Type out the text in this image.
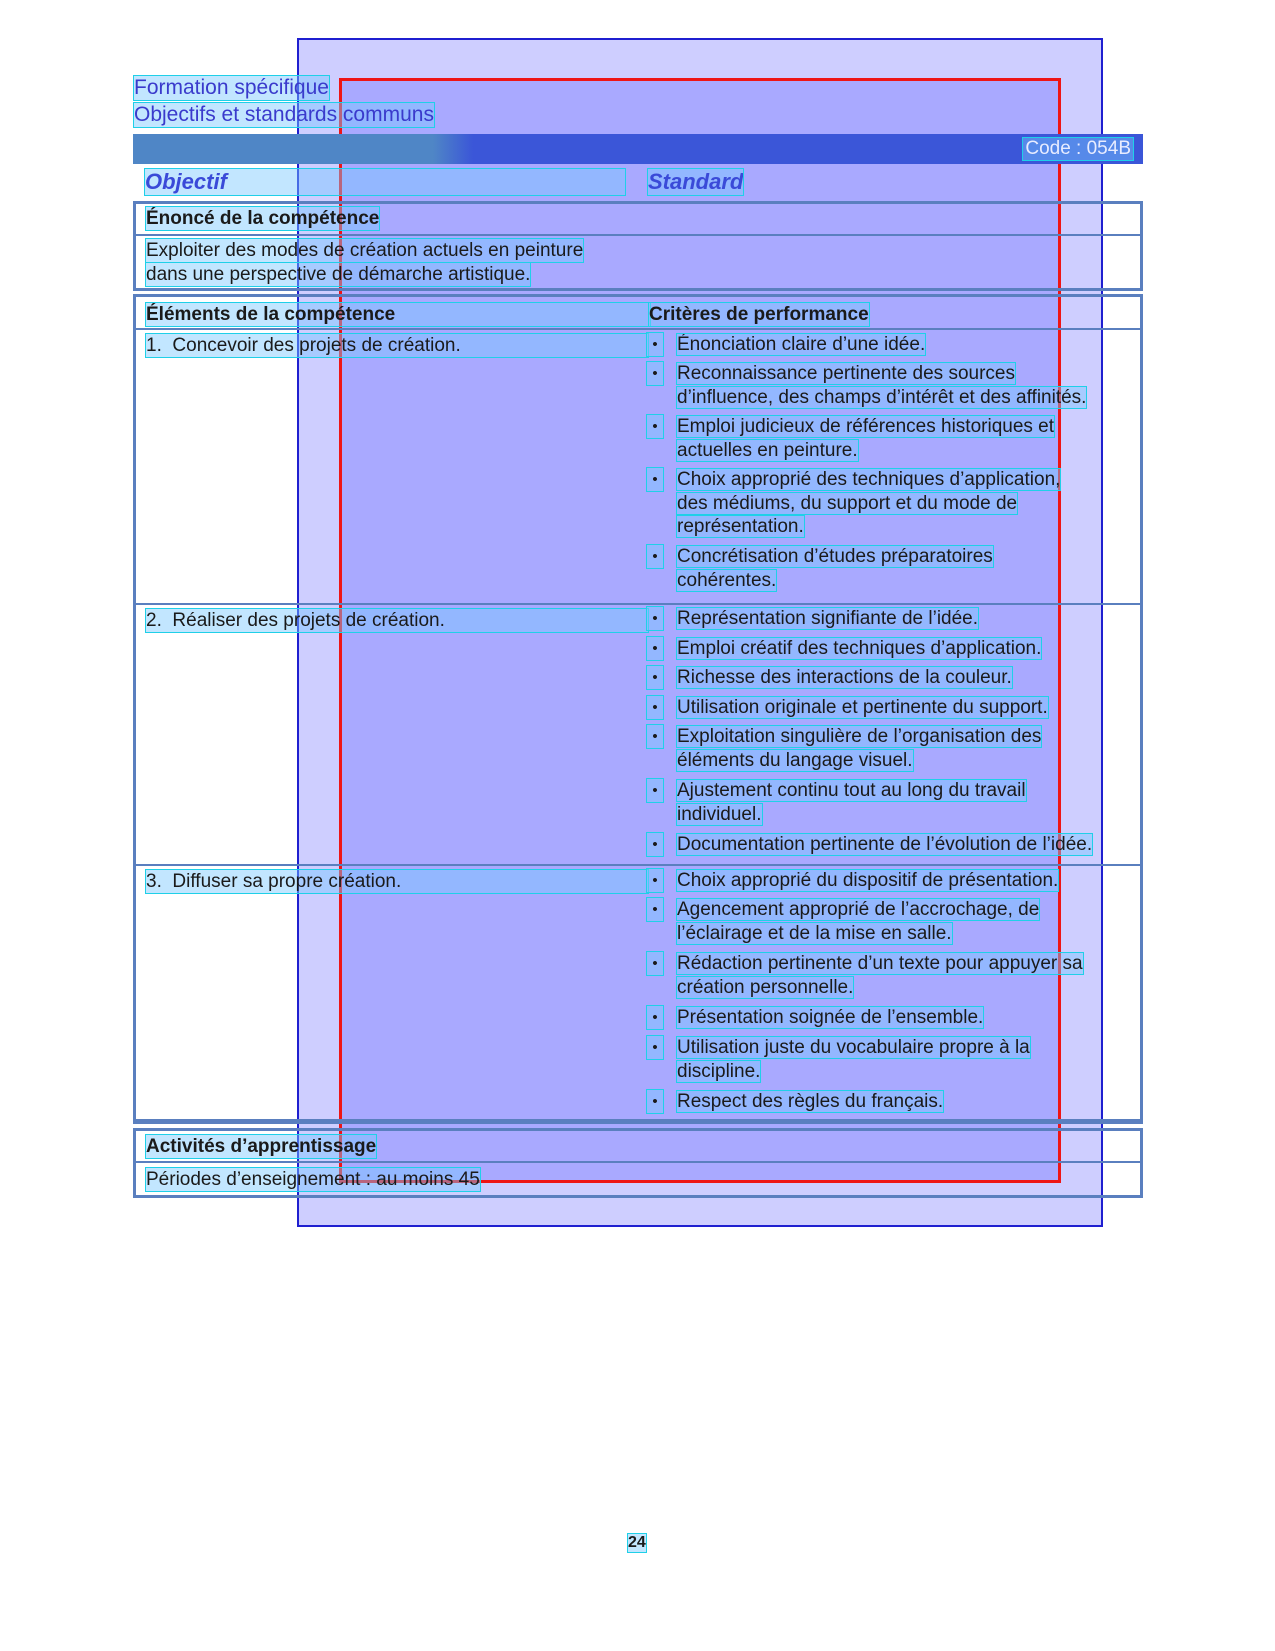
Formation spécifique
Objectifs et standards communs
Code : 054B
Objectif	Standard
Énoncé de la compétence
Exploiter des modes de création actuels en peinture
dans une perspective de démarche artistique.
Éléments de la compétence	Critères de performance
1. Concevoir des projets de création.
2. Réaliser des projets de création.
3. Diffuser sa propre création.
• Énonciation claire d’une idée.
• Reconnaissance pertinente des sources
d’influence, des champs d’intérêt et des affinités.
• Emploi judicieux de références historiques et
actuelles en peinture.
• Choix approprié des techniques d’application,
des médiums, du support et du mode de
représentation.
• Concrétisation d’études préparatoires
cohérentes.
• Représentation signifiante de l’idée.
• Emploi créatif des techniques d’application.
• Richesse des interactions de la couleur.
• Utilisation originale et pertinente du support.
• Exploitation singulière de l’organisation des
éléments du langage visuel.
• Ajustement continu tout au long du travail
individuel.
• Documentation pertinente de l’évolution de l’idée.
• Choix approprié du dispositif de présentation.
• Agencement approprié de l’accrochage, de
l’éclairage et de la mise en salle.
• Rédaction pertinente d’un texte pour appuyer sa
création personnelle.
• Présentation soignée de l’ensemble.
• Utilisation juste du vocabulaire propre à la
discipline.
• Respect des règles du français.
Activités d’apprentissage
Périodes d’enseignement : au moins 45
24
